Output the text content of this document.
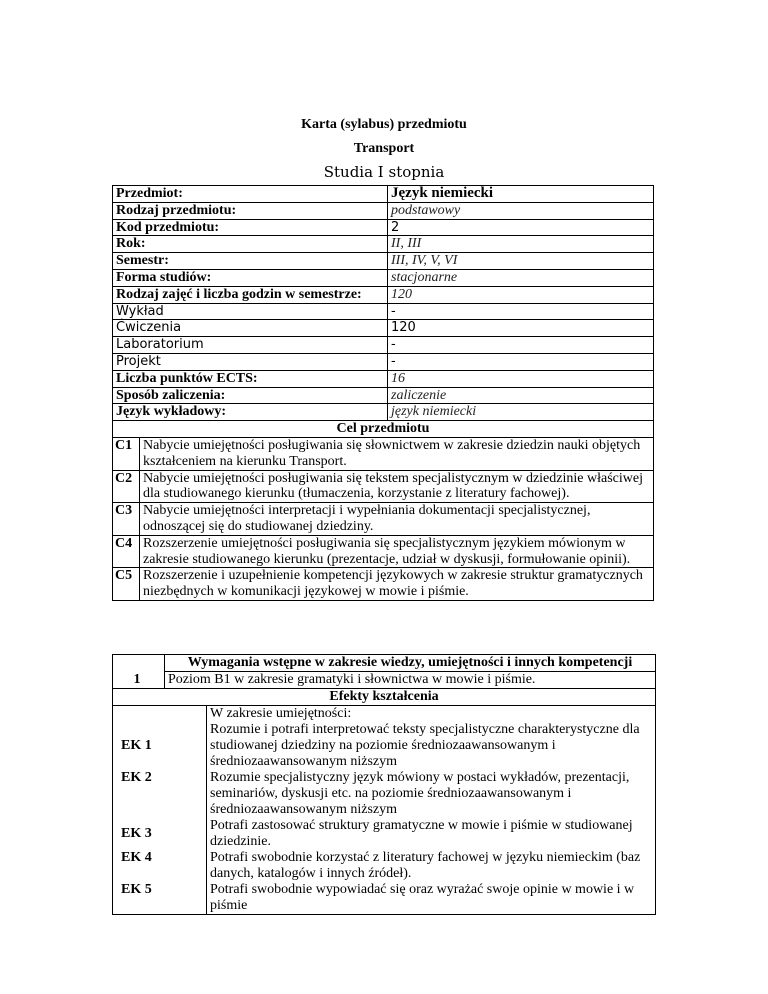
Karta (sylabus) przedmiotu
Transport
Studia I stopnia
Przedmiot:	Język niemiecki
Rodzaj przedmiotu:	podstawowy
Kod przedmiotu:	2
Rok:	II, III
Semestr:	III, IV, V, VI
Forma studiów:	stacjonarne
Rodzaj zajęć i liczba godzin w semestrze:	120
Wykład	-
Ćwiczenia	120
Laboratorium	-
Projekt	-
Liczba punktów ECTS:	16
Sposób zaliczenia:	zaliczenie
Język wykładowy:	język niemiecki

Cel przedmiotu
C1	Nabycie umiejętności posługiwania się słownictwem w zakresie dziedzin nauki objętych kształceniem na kierunku Transport.
C2	Nabycie umiejętności posługiwania się tekstem specjalistycznym w dziedzinie właściwej dla studiowanego kierunku (tłumaczenia, korzystanie z literatury fachowej).
C3	Nabycie umiejętności interpretacji i wypełniania dokumentacji specjalistycznej, odnoszącej się do studiowanej dziedziny.
C4	Rozszerzenie umiejętności posługiwania się specjalistycznym językiem mówionym w zakresie studiowanego kierunku (prezentacje, udział w dyskusji, formułowanie opinii).
C5	Rozszerzenie i uzupełnienie kompetencji językowych w zakresie struktur gramatycznych niezbędnych w komunikacji językowej w mowie i piśmie.
1	Wymagania wstępne w zakresie wiedzy, umiejętności i innych kompetencji
Poziom B1 w zakresie gramatyki i słownictwa w mowie i piśmie.
Efekty kształcenia	
	W zakresie umiejętności:
EK 1	Rozumie i potrafi interpretować teksty specjalistyczne charakterystyczne dla studiowanej dziedziny na poziomie średniozaawansowanym i średniozaawansowanym niższym
EK 2	Rozumie specjalistyczny język mówiony w postaci wykładów, prezentacji, seminariów, dyskusji etc. na poziomie średniozaawansowanym i średniozaawansowanym niższym
EK 3	Potrafi zastosować struktury gramatyczne w mowie i piśmie w studiowanej dziedzinie.
EK 4	Potrafi swobodnie korzystać z literatury fachowej w języku niemieckim (baz danych, katalogów i innych źródeł).
EK 5	Potrafi swobodnie wypowiadać się oraz wyrażać swoje opinie w mowie i w piśmie
